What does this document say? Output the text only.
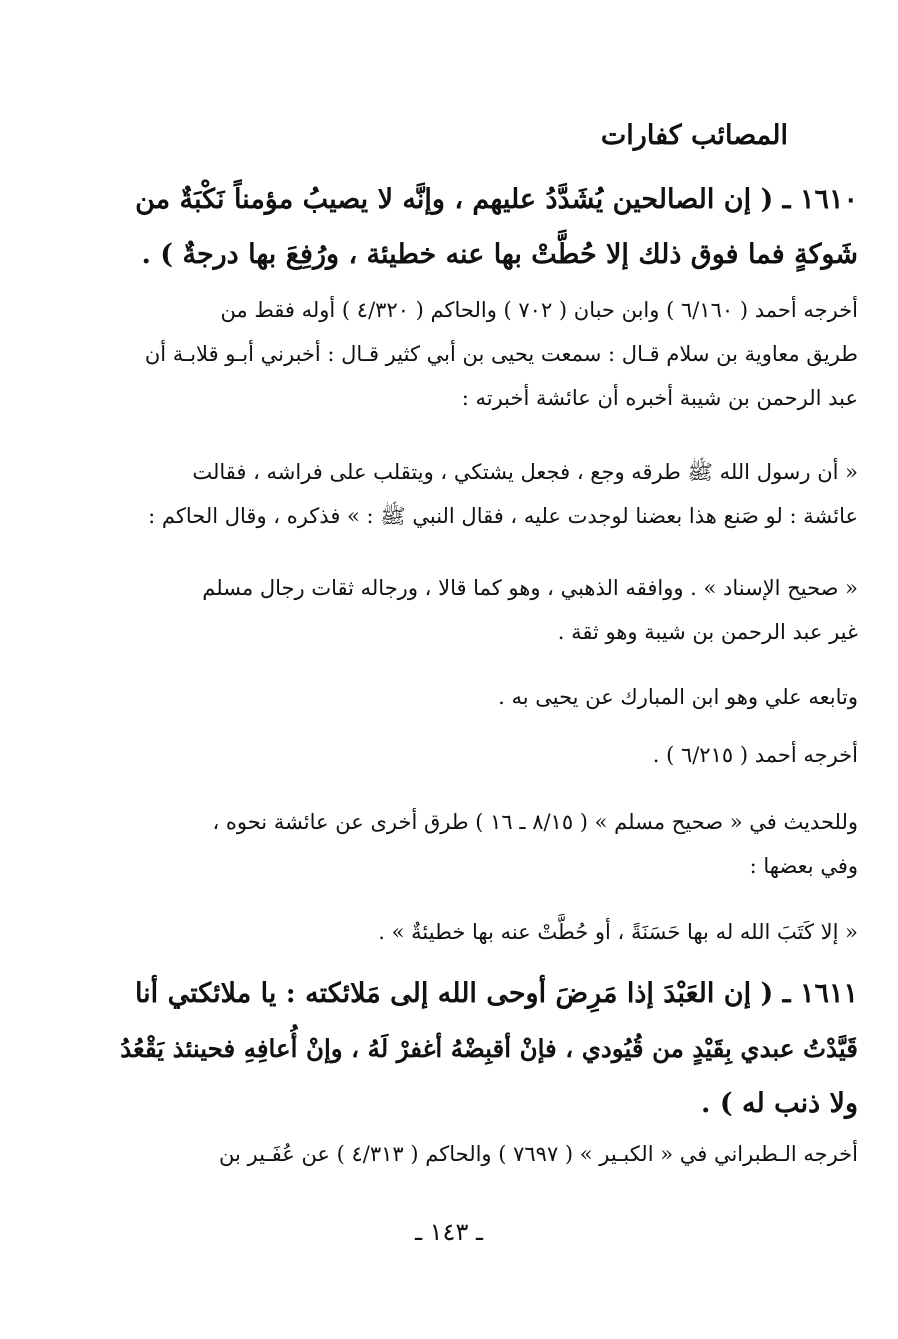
المصائب كفارات
١٦١٠ ـ ( إن الصالحين يُشَدَّدُ عليهم ، وإنَّه لا يصيبُ مؤمناً نَكْبَةٌ من
شَوكةٍ فما فوق ذلك إلا حُطَّتْ بها عنه خطيئة ، ورُفِعَ بها درجةٌ ) .
أخرجه أحمد ( ٦/١٦٠ ) وابن حبان ( ٧٠٢ ) والحاكم ( ٤/٣٢٠ ) أوله فقط من
طريق معاوية بن سلام قـال : سمعت يحيى بن أبي كثير قـال : أخبرني أبـو قلابـة أن
عبد الرحمن بن شيبة أخبره أن عائشة أخبرته :
« أن رسول الله ﷺ طرقه وجع ، فجعل يشتكي ، ويتقلب على فراشه ، فقالت
عائشة : لو صَنع هذا بعضنا لوجدت عليه ، فقال النبي ﷺ : » فذكره ، وقال الحاكم :
« صحيح الإسناد » . ووافقه الذهبي ، وهو كما قالا ، ورجاله ثقات رجال مسلم
غير عبد الرحمن بن شيبة وهو ثقة .
وتابعه علي وهو ابن المبارك عن يحيى به .
أخرجه أحمد ( ٦/٢١٥ ) .
وللحديث في « صحيح مسلم » ( ٨/١٥ ـ ١٦ ) طرق أخرى عن عائشة نحوه ،
وفي بعضها :
« إلا كَتَبَ الله له بها حَسَنَةً ، أو حُطَّتْ عنه بها خطيئةٌ » .
١٦١١ ـ ( إن العَبْدَ إذا مَرِضَ أوحى الله إلى مَلائكته : يا ملائكتي أنا
قَيَّدْتُ عبدي بِقَيْدٍ من قُيُودي ، فإنْ أقبِضْهُ أغفرْ لَهُ ، وإنْ أُعافِهِ فحينئذ يَقْعُدُ
ولا ذنب له ) .
أخرجه الـطبراني في « الكبـير » ( ٧٦٩٧ ) والحاكم ( ٤/٣١٣ ) عن عُفَـير بن
ـ ١٤٣ ـ
